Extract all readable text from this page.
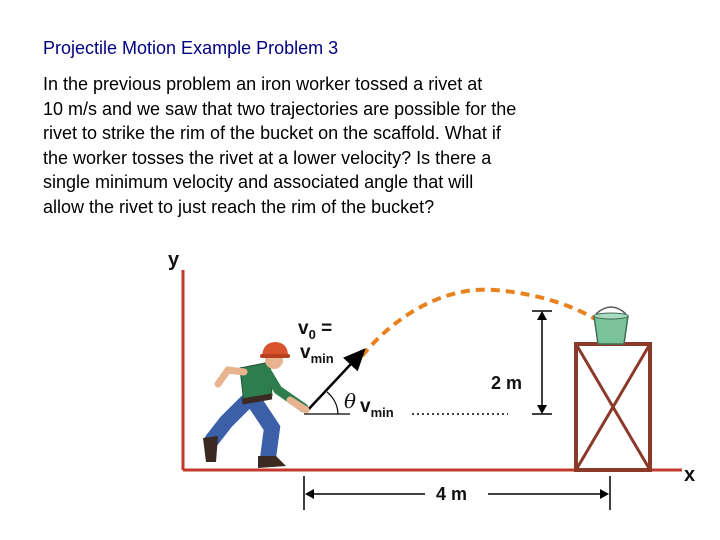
Projectile Motion Example Problem 3
In the previous problem an iron worker tossed a rivet at
10 m/s and we saw that two trajectories are possible for the
rivet to strike the rim of the bucket on the scaffold. What if
the worker tosses the rivet at a lower velocity? Is there a
single minimum velocity and associated angle that will
allow the rivet to just reach the rim of the bucket?
y
x
2 m
4 m
$v_0$ =
$v_{min}$
θ $v_{min}$
